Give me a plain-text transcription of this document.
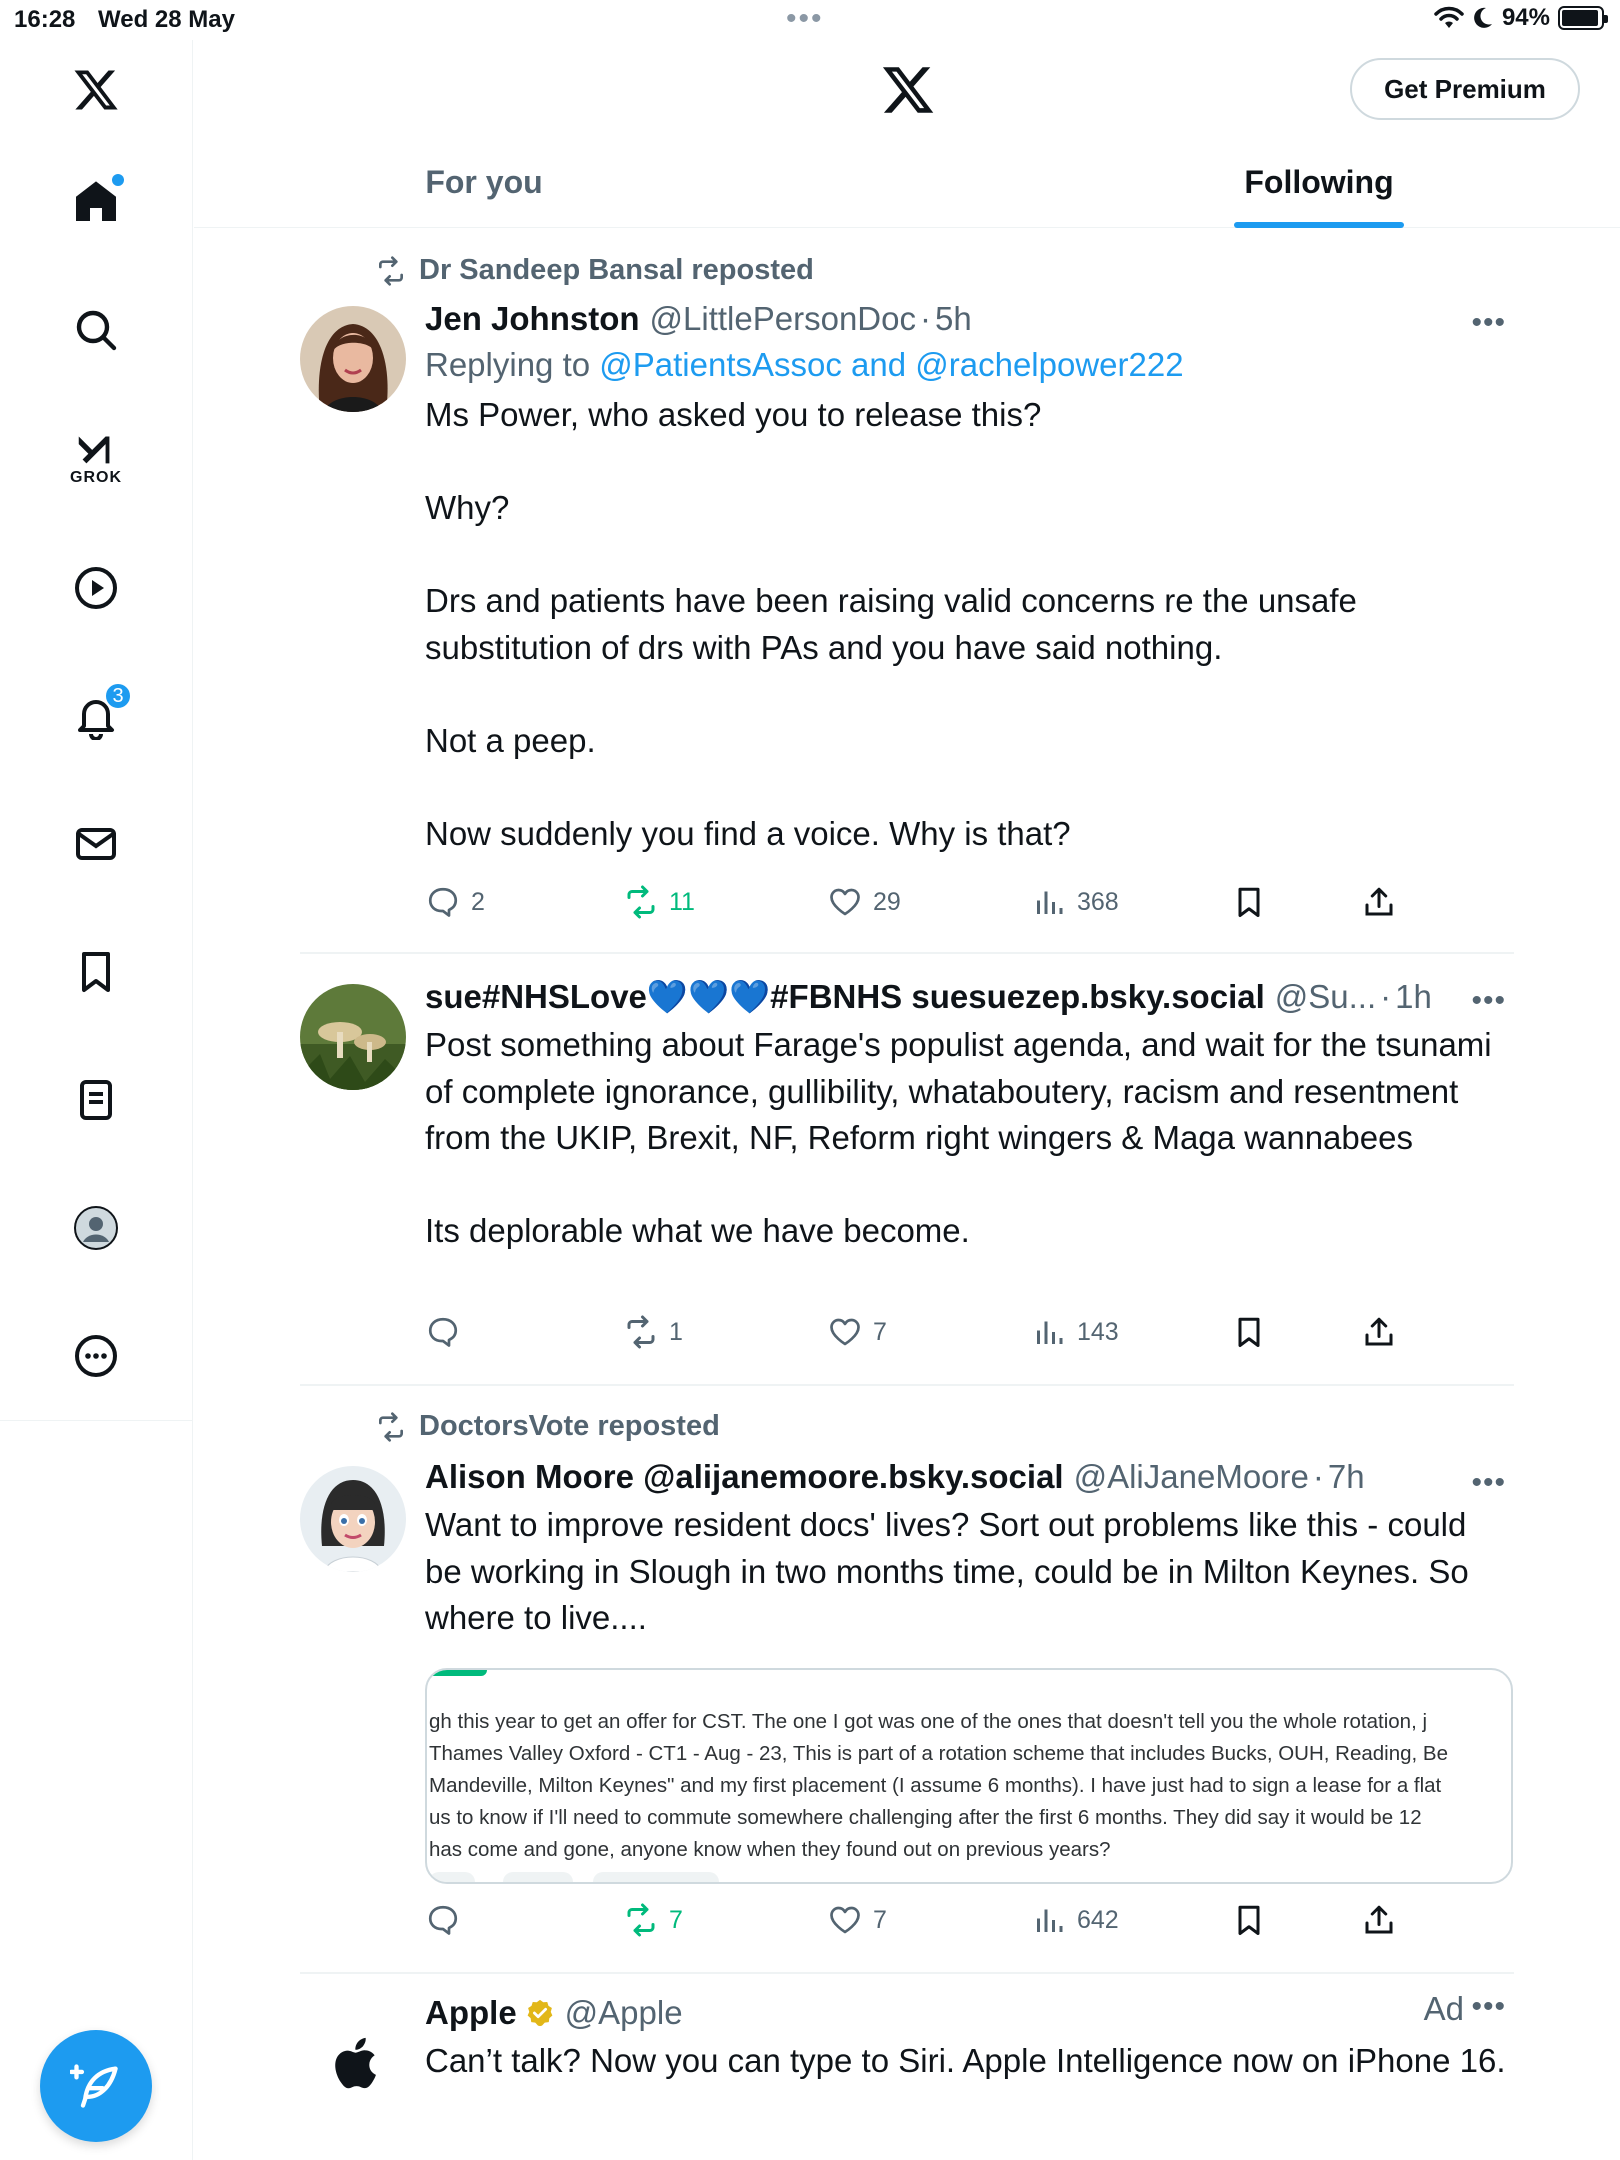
16:28 Wed 28 May	•••	94%
GROK
3
Get Premium
For you	Following
Dr Sandeep Bansal reposted
Jen Johnston @LittlePersonDoc · 5h
Replying to @PatientsAssoc and @rachelpower222
Ms Power, who asked you to release this?

Why?

Drs and patients have been raising valid concerns re the unsafe substitution of drs with PAs and you have said nothing.

Not a peep.

Now suddenly you find a voice. Why is that?
•••
2	11	29	368
sue#NHSLove💙💙💙#FBNHS suesuezep.bsky.social @Su... · 1h
Post something about Farage's populist agenda, and wait for the tsunami of complete ignorance, gullibility, whataboutery, racism and resentment from the UKIP, Brexit, NF, Reform right wingers & Maga wannabees

Its deplorable what we have become.
•••
1	7	143
DoctorsVote reposted
Alison Moore @alijanemoore.bsky.social @AliJaneMoore · 7h
Want to improve resident docs' lives? Sort out problems like this - could be working in Slough in two months time, could be in Milton Keynes. So where to live....
•••
gh this year to get an offer for CST. The one I got was one of the ones that doesn't tell you the whole rotation, j
Thames Valley Oxford - CT1 - Aug - 23, This is part of a rotation scheme that includes Bucks, OUH, Reading, Be
Mandeville, Milton Keynes" and my first placement (I assume 6 months). I have just had to sign a lease for a flat
us to know if I'll need to commute somewhere challenging after the first 6 months. They did say it would be 12
has come and gone, anyone know when they found out on previous years?
7	7	642
Apple @Apple
Can’t talk? Now you can type to Siri. Apple Intelligence now on iPhone 16.
Ad •••
